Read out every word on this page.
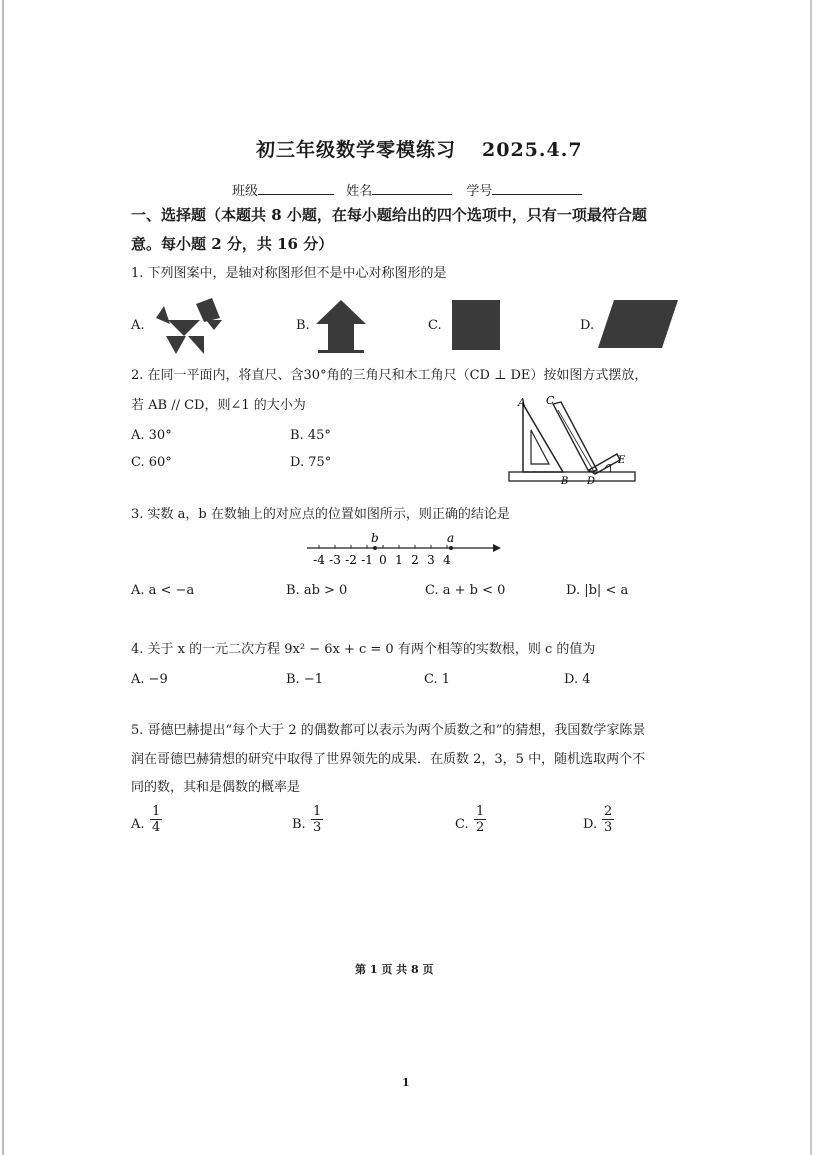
初三年级数学零模练习 2025.4.7
班级	姓名	学号
一、选择题（本题共 8 小题，在每小题给出的四个选项中，只有一项最符合题
意。每小题 2 分，共 16 分）
1. 下列图案中，是轴对称图形但不是中心对称图形的是
A.	B.	C.	D.
2. 在同一平面内，将直尺、含30°角的三角尺和木工角尺（CD ⊥ DE）按如图方式摆放，
若 AB // CD，则∠1 的大小为
A. 30°	B. 45°
C. 60°	D. 75°
A C
E
B D
1
3. 实数 a，b 在数轴上的对应点的位置如图所示，则正确的结论是
b	a
-4 -3 -2 -1 0 1 2 3 4
A. a < −a	B. ab > 0	C. a + b < 0	D. |b| < a
4. 关于 x 的一元二次方程 9x² − 6x + c = 0 有两个相等的实数根，则 c 的值为
A. −9	B. −1	C. 1	D. 4
5. 哥德巴赫提出“每个大于 2 的偶数都可以表示为两个质数之和”的猜想，我国数学家陈景
润在哥德巴赫猜想的研究中取得了世界领先的成果．在质数 2，3，5 中，随机选取两个不
同的数，其和是偶数的概率是
A. $\frac{1}{4}$	B. $\frac{1}{3}$	C. $\frac{1}{2}$	D. $\frac{2}{3}$
第 1 页 共 8 页
1
